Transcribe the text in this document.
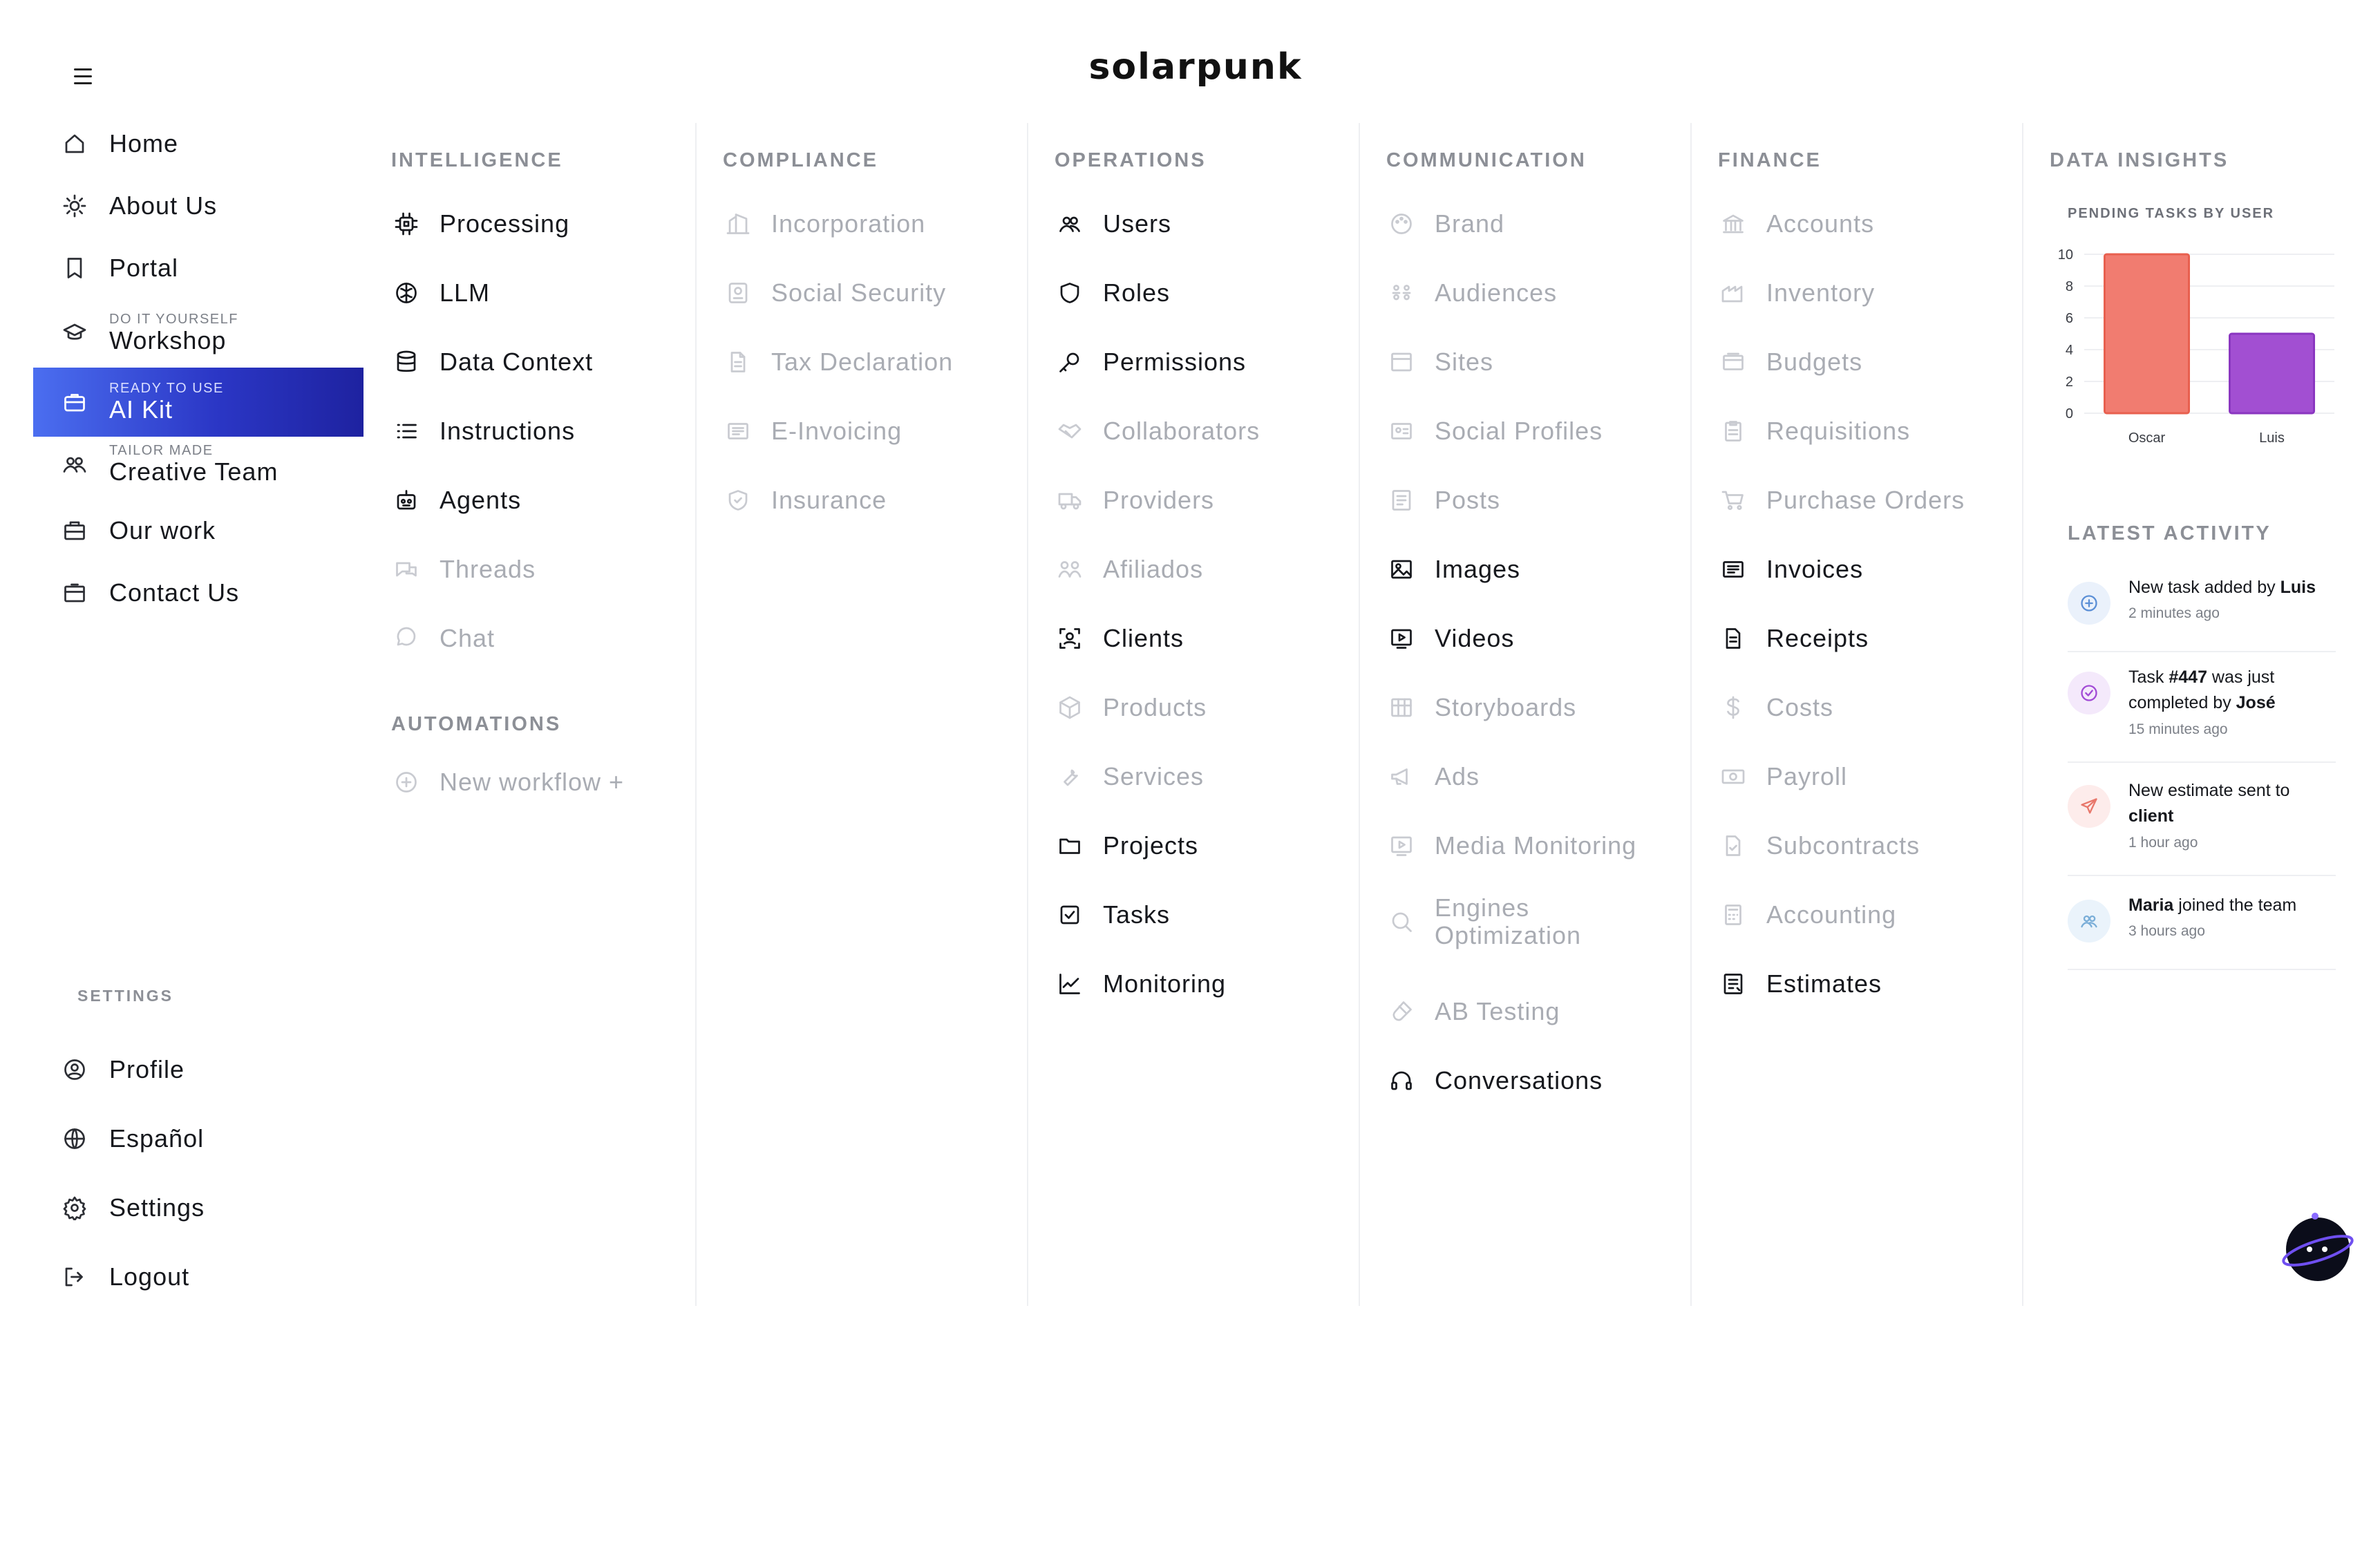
solarpunk
Home
About Us
Portal
DO IT YOURSELF
Workshop
READY TO USE
AI Kit
TAILOR MADE
Creative Team
Our work
Contact Us
SETTINGS
Profile
Español
Settings
Logout
INTELLIGENCE
Processing
LLM
Data Context
Instructions
Agents
Threads
Chat
AUTOMATIONS
New workflow +
COMPLIANCE
Incorporation
Social Security
Tax Declaration
E-Invoicing
Insurance
OPERATIONS
Users
Roles
Permissions
Collaborators
Providers
Afiliados
Clients
Products
Services
Projects
Tasks
Monitoring
COMMUNICATION
Brand
Audiences
Sites
Social Profiles
Posts
Images
Videos
Storyboards
Ads
Media Monitoring
Engines Optimization
AB Testing
Conversations
FINANCE
Accounts
Inventory
Budgets
Requisitions
Purchase Orders
Invoices
Receipts
Costs
Payroll
Subcontracts
Accounting
Estimates
DATA INSIGHTS
PENDING TASKS BY USER
0
2
4
6
8
10
Oscar	Luis
LATEST ACTIVITY
New task added by Luis
2 minutes ago
Task #447 was just completed by José
15 minutes ago
New estimate sent to client
1 hour ago
Maria joined the team
3 hours ago
